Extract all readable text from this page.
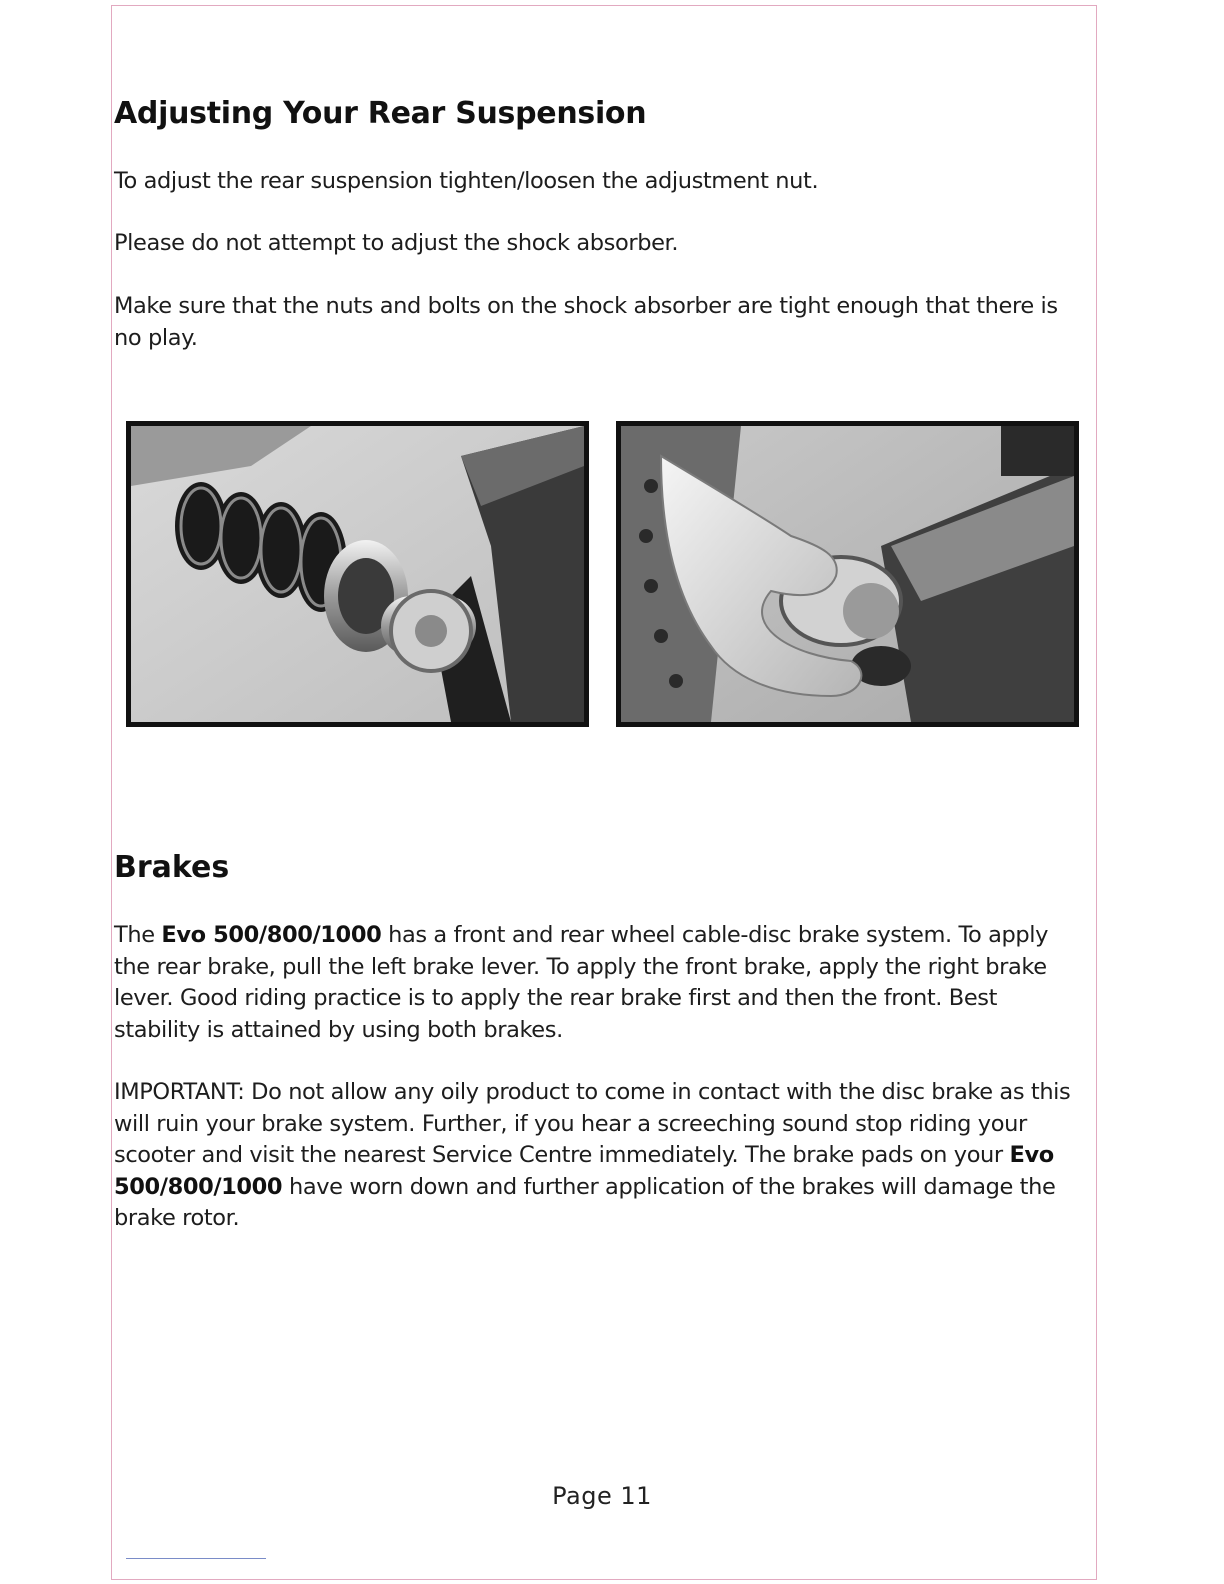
Adjusting Your Rear Suspension

To adjust the rear suspension tighten/loosen the adjustment nut.

Please do not attempt to adjust the shock absorber.

Make sure that the nuts and bolts on the shock absorber are tight enough that there is no play.

Brakes

The Evo 500/800/1000 has a front and rear wheel cable-disc brake system. To apply the rear brake, pull the left brake lever. To apply the front brake, apply the right brake lever. Good riding practice is to apply the rear brake first and then the front. Best stability is attained by using both brakes.

IMPORTANT: Do not allow any oily product to come in contact with the disc brake as this will ruin your brake system. Further, if you hear a screeching sound stop riding your scooter and visit the nearest Service Centre immediately. The brake pads on your Evo 500/800/1000 have worn down and further application of the brakes will damage the brake rotor.

Page 11
